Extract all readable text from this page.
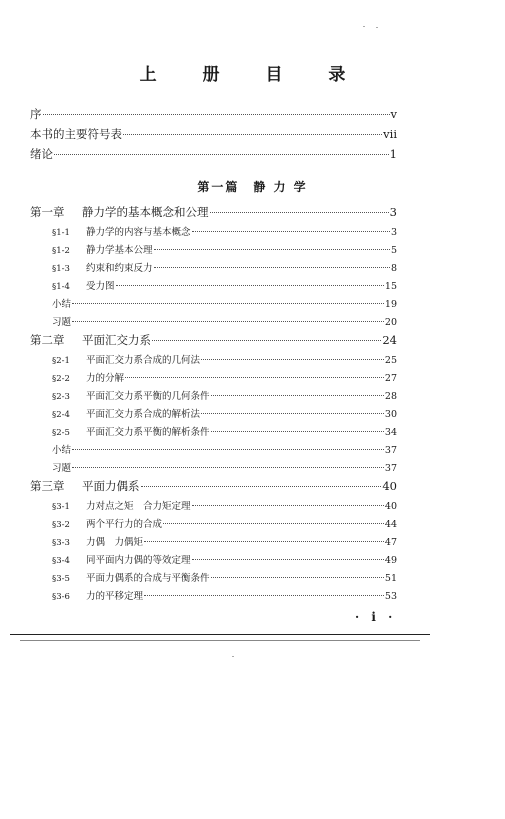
上 册 目 录
序	v
本书的主要符号表	vii
绪论	1
第一篇　静 力 学
第一章 静力学的基本概念和公理	3
§1-1 静力学的内容与基本概念	3
§1-2 静力学基本公理	5
§1-3 约束和约束反力	8
§1-4 受力图	15
小结	19
习题	20
第二章 平面汇交力系	24
§2-1 平面汇交力系合成的几何法	25
§2-2 力的分解	27
§2-3 平面汇交力系平衡的几何条件	28
§2-4 平面汇交力系合成的解析法	30
§2-5 平面汇交力系平衡的解析条件	34
小结	37
习题	37
第三章 平面力偶系	40
§3-1 力对点之矩　合力矩定理	40
§3-2 两个平行力的合成	44
§3-3 力偶　力偶矩	47
§3-4 同平面内力偶的等效定理	49
§3-5 平面力偶系的合成与平衡条件	51
§3-6 力的平移定理	53
· i ·
